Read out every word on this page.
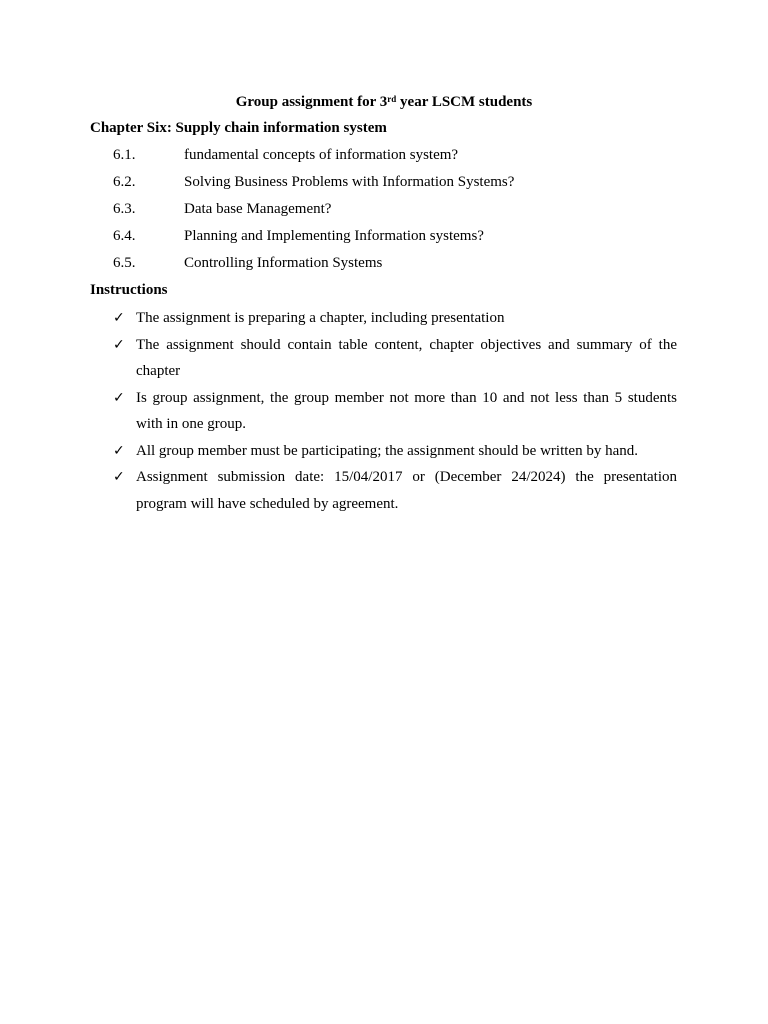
Group assignment for 3rd year LSCM students
Chapter Six: Supply chain information system
6.1.	fundamental concepts of information system?
6.2.	Solving Business Problems with Information Systems?
6.3.	Data base Management?
6.4.	Planning and Implementing Information systems?
6.5.	Controlling Information Systems
Instructions
✓ The assignment is preparing a chapter, including presentation
✓ The assignment should contain table content, chapter objectives and summary of the chapter
✓ Is group assignment, the group member not more than 10 and not less than 5 students with in one group.
✓ All group member must be participating; the assignment should be written by hand.
✓ Assignment submission date: 15/04/2017 or (December 24/2024) the presentation program will have scheduled by agreement.
